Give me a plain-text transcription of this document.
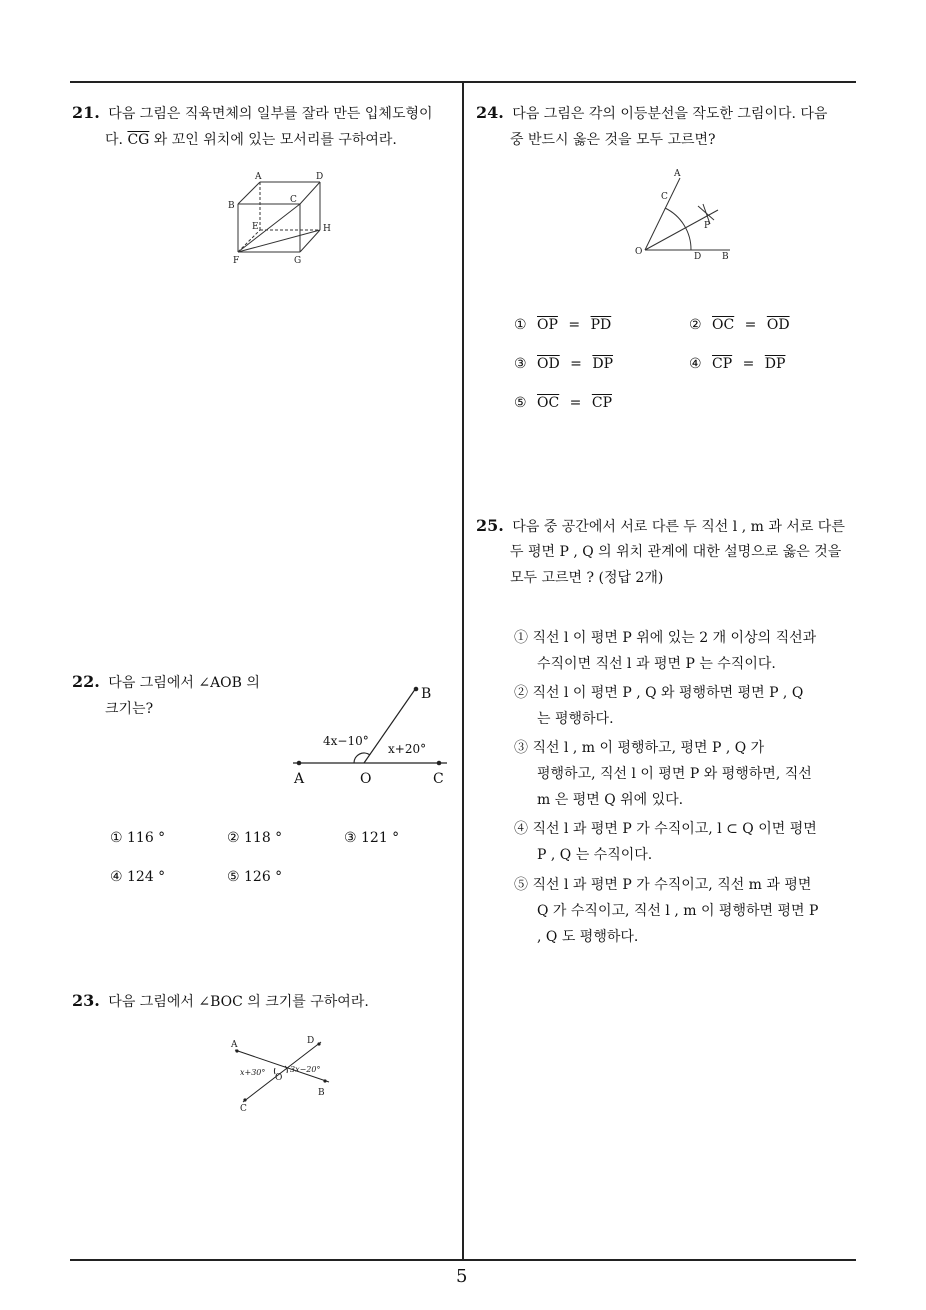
21. 다음 그림은 직육면체의 일부를 잘라 만든 입체도형이
다. $\overline{CG}$ 와 꼬인 위치에 있는 모서리를 구하여라.
A	D
B
C
E	H
F	G
22. 다음 그림에서 ∠AOB 의
크기는?
A	O	C
B
4x−10°
x+20°
① 116 °	② 118 °	③ 121 °
④ 124 °	⑤ 126 °
23. 다음 그림에서 ∠BOC 의 크기를 구하여라.
A	D
O
B
C
x+30°	3x−20°
24. 다음 그림은 각의 이등분선을 작도한 그림이다. 다음
중 반드시 옳은 것을 모두 고르면?
A
C
P
O	D B
① $\overline{OP} = \overline{PD}$	② $\overline{OC} = \overline{OD}$
③ $\overline{OD} = \overline{DP}$	④ $\overline{CP} = \overline{DP}$
⑤ $\overline{OC} = \overline{CP}$
25. 다음 중 공간에서 서로 다른 두 직선 l , m 과 서로 다른
두 평면 P , Q 의 위치 관계에 대한 설명으로 옳은 것을
모두 고르면 ? (정답 2개)
① 직선 l 이 평면 P 위에 있는 2 개 이상의 직선과
수직이면 직선 l 과 평면 P 는 수직이다.
② 직선 l 이 평면 P , Q 와 평행하면 평면 P , Q
는 평행하다.
③ 직선 l , m 이 평행하고, 평면 P , Q 가
평행하고, 직선 l 이 평면 P 와 평행하면, 직선
m 은 평면 Q 위에 있다.
④ 직선 l 과 평면 P 가 수직이고, l ⊂ Q 이면 평면
P , Q 는 수직이다.
⑤ 직선 l 과 평면 P 가 수직이고, 직선 m 과 평면
Q 가 수직이고, 직선 l , m 이 평행하면 평면 P
, Q 도 평행하다.
5
